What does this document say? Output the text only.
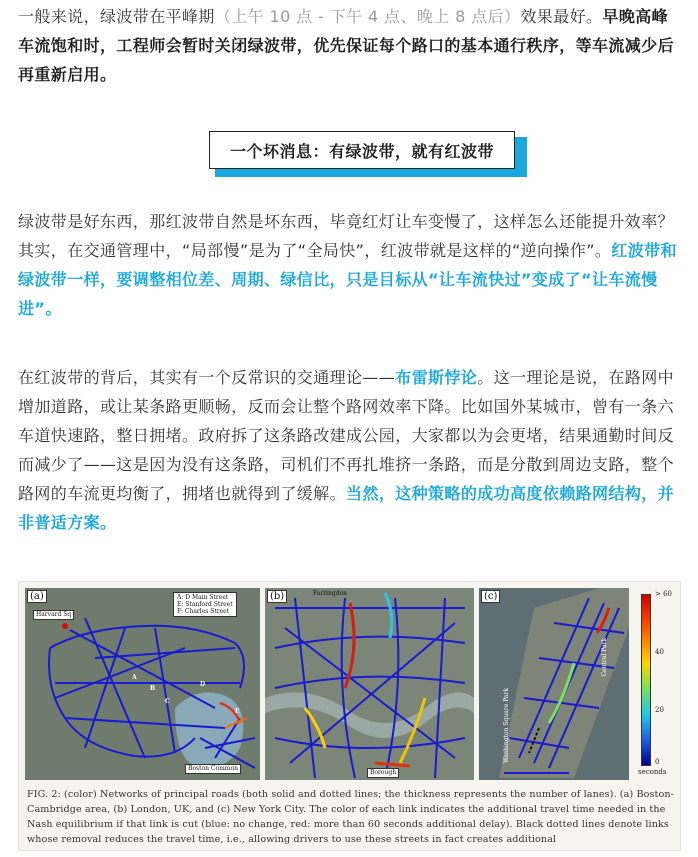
一般来说，绿波带在平峰期（上午 10 点 - 下午 4 点、晚上 8 点后）效果最好。早晚高峰车流饱和时，工程师会暂时关闭绿波带，优先保证每个路口的基本通行秩序，等车流减少后再重新启用。

一个坏消息：有绿波带，就有红波带

绿波带是好东西，那红波带自然是坏东西，毕竟红灯让车变慢了，这样怎么还能提升效率？其实，在交通管理中，“局部慢”是为了“全局快”，红波带就是这样的“逆向操作”。红波带和绿波带一样，要调整相位差、周期、绿信比，只是目标从“让车流快过”变成了“让车流慢进”。

在红波带的背后，其实有一个反常识的交通理论——布雷斯悖论。这一理论是说，在路网中增加道路，或让某条路更顺畅，反而会让整个路网效率下降。比如国外某城市，曾有一条六车道快速路，整日拥堵。政府拆了这条路改建成公园，大家都以为会更堵，结果通勤时间反而减少了——这是因为没有这条路，司机们不再扎堆挤一条路，而是分散到周边支路，整个路网的车流更均衡了，拥堵也就得到了缓解。当然，这种策略的成功高度依赖路网结构，并非普适方案。

(a)	A: D Main Street
E: Stanford Street
F: Charles Street
Harvard Sq
Boston Common
A
B
C
D
E
(b)	Farringdon
Borough
(c)
Central Park
Washington Square Park
> 60
40
20
0
seconds
FIG. 2: (color) Networks of principal roads (both solid and dotted lines; the thickness represents the number of lanes). (a) Boston-Cambridge area, (b) London, UK, and (c) New York City. The color of each link indicates the additional travel time needed in the Nash equilibrium if that link is cut (blue: no change, red: more than 60 seconds additional delay). Black dotted lines denote links whose removal reduces the travel time, i.e., allowing drivers to use these streets in fact creates additional
